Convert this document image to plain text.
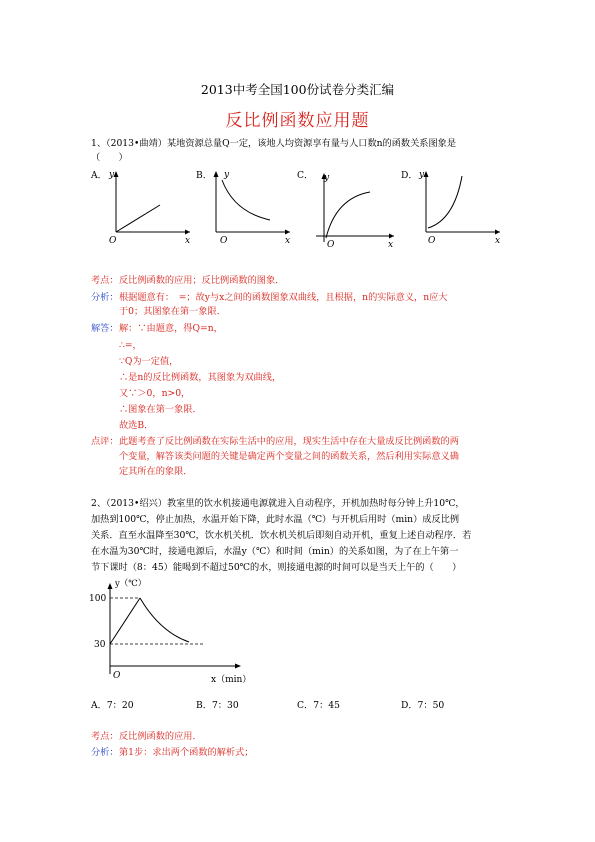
2013中考全国100份试卷分类汇编
反比例函数应用题
1、（2013•曲靖）某地资源总量Q一定，该地人均资源享有量与人口数n的函数关系图象是
（　　）
A．	B．	C．	D．
y
x
O
y
x
O
y
x
O
y
x
O
考点： 反比例函数的应用；反比例函数的图象．
分析： 根据题意有：　=；故y与x之间的函数图象双曲线，且根据，n的实际意义，n应大
于0；其图象在第一象限．
解答： 解：∵由题意，得Q=n，
∴=，
∵Q为一定值，
∴是n的反比例函数，其图象为双曲线，
又∵＞0，n>0，
∴图象在第一象限．
故选B．
点评： 此题考查了反比例函数在实际生活中的应用，现实生活中存在大量成反比例函数的两
个变量，解答该类问题的关键是确定两个变量之间的函数关系，然后利用实际意义确
定其所在的象限．
2、（2013•绍兴）教室里的饮水机接通电源就进入自动程序，开机加热时每分钟上升10℃，
加热到100℃，停止加热，水温开始下降，此时水温（℃）与开机后用时（min）成反比例
关系．直至水温降至30℃，饮水机关机．饮水机关机后即刻自动开机，重复上述自动程序．若
在水温为30℃时，接通电源后，水温y（℃）和时间（min）的关系如图，为了在上午第一
节下课时（8：45）能喝到不超过50℃的水，则接通电源的时间可以是当天上午的（　　）
y（℃）
100
30
O	x（min）
A．7：20	B．7：30	C．7：45	D．7：50
考点： 反比例函数的应用．
分析： 第1步：求出两个函数的解析式；
